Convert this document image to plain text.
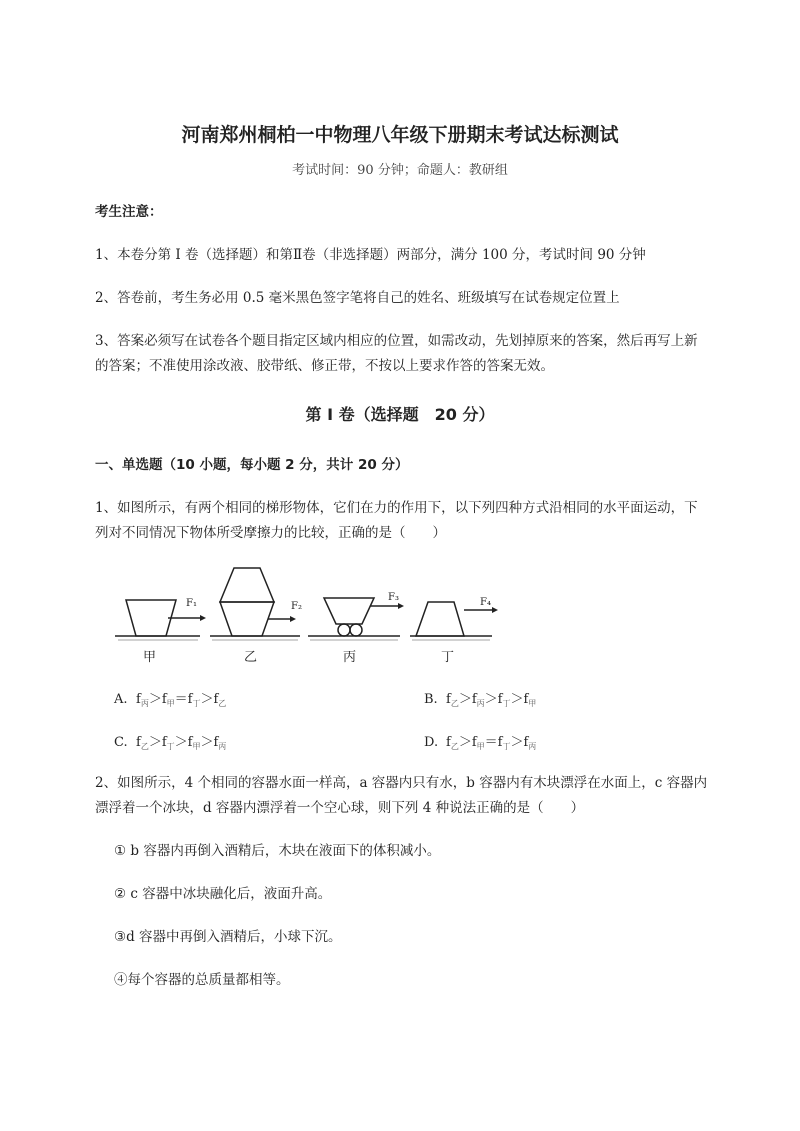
河南郑州桐柏一中物理八年级下册期末考试达标测试
考试时间：90 分钟；命题人：教研组
考生注意：
1、本卷分第 I 卷（选择题）和第Ⅱ卷（非选择题）两部分，满分 100 分，考试时间 90 分钟
2、答卷前，考生务必用 0.5 毫米黑色签字笔将自己的姓名、班级填写在试卷规定位置上
3、答案必须写在试卷各个题目指定区域内相应的位置，如需改动，先划掉原来的答案，然后再写上新
的答案；不准使用涂改液、胶带纸、修正带，不按以上要求作答的答案无效。
第 I 卷（选择题　20 分）
一、单选题（10 小题，每小题 2 分，共计 20 分）
1、如图所示，有两个相同的梯形物体，它们在力的作用下，以下列四种方式沿相同的水平面运动，下
列对不同情况下物体所受摩擦力的比较，正确的是（　　）
F₁	F₂
F₃	F₄
甲	乙	丙	丁
A. $f_丙>f_甲=f_丁>f_乙$	B. $f_乙>f_丙>f_丁>f_甲$
C. $f_乙>f_丁>f_甲>f_丙$	D. $f_乙>f_甲=f_丁>f_丙$
2、如图所示，4 个相同的容器水面一样高，a 容器内只有水，b 容器内有木块漂浮在水面上，c 容器内
漂浮着一个冰块，d 容器内漂浮着一个空心球，则下列 4 种说法正确的是（　　）
① b 容器内再倒入酒精后，木块在液面下的体积减小。
② c 容器中冰块融化后，液面升高。
③d 容器中再倒入酒精后，小球下沉。
④每个容器的总质量都相等。
